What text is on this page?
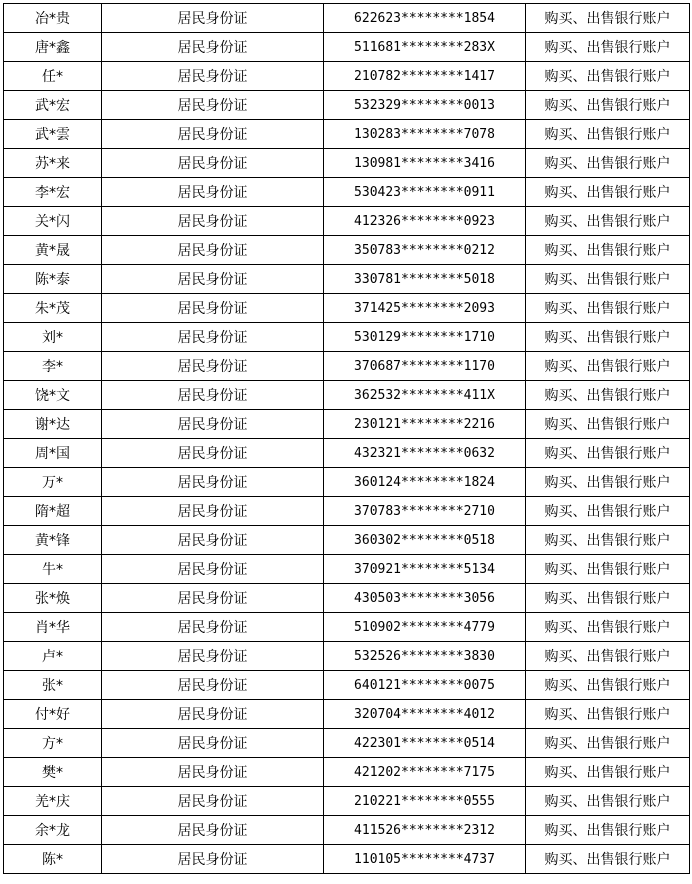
冶*贵	居民身份证	622623********1854	购买、出售银行账户
唐*鑫	居民身份证	511681********283X	购买、出售银行账户
任*	居民身份证	210782********1417	购买、出售银行账户
武*宏	居民身份证	532329********0013	购买、出售银行账户
武*雲	居民身份证	130283********7078	购买、出售银行账户
苏*来	居民身份证	130981********3416	购买、出售银行账户
李*宏	居民身份证	530423********0911	购买、出售银行账户
关*闪	居民身份证	412326********0923	购买、出售银行账户
黄*晟	居民身份证	350783********0212	购买、出售银行账户
陈*泰	居民身份证	330781********5018	购买、出售银行账户
朱*茂	居民身份证	371425********2093	购买、出售银行账户
刘*	居民身份证	530129********1710	购买、出售银行账户
李*	居民身份证	370687********1170	购买、出售银行账户
饶*文	居民身份证	362532********411X	购买、出售银行账户
谢*达	居民身份证	230121********2216	购买、出售银行账户
周*国	居民身份证	432321********0632	购买、出售银行账户
万*	居民身份证	360124********1824	购买、出售银行账户
隋*超	居民身份证	370783********2710	购买、出售银行账户
黄*锋	居民身份证	360302********0518	购买、出售银行账户
牛*	居民身份证	370921********5134	购买、出售银行账户
张*焕	居民身份证	430503********3056	购买、出售银行账户
肖*华	居民身份证	510902********4779	购买、出售银行账户
卢*	居民身份证	532526********3830	购买、出售银行账户
张*	居民身份证	640121********0075	购买、出售银行账户
付*好	居民身份证	320704********4012	购买、出售银行账户
方*	居民身份证	422301********0514	购买、出售银行账户
樊*	居民身份证	421202********7175	购买、出售银行账户
羌*庆	居民身份证	210221********0555	购买、出售银行账户
余*龙	居民身份证	411526********2312	购买、出售银行账户
陈*	居民身份证	110105********4737	购买、出售银行账户
